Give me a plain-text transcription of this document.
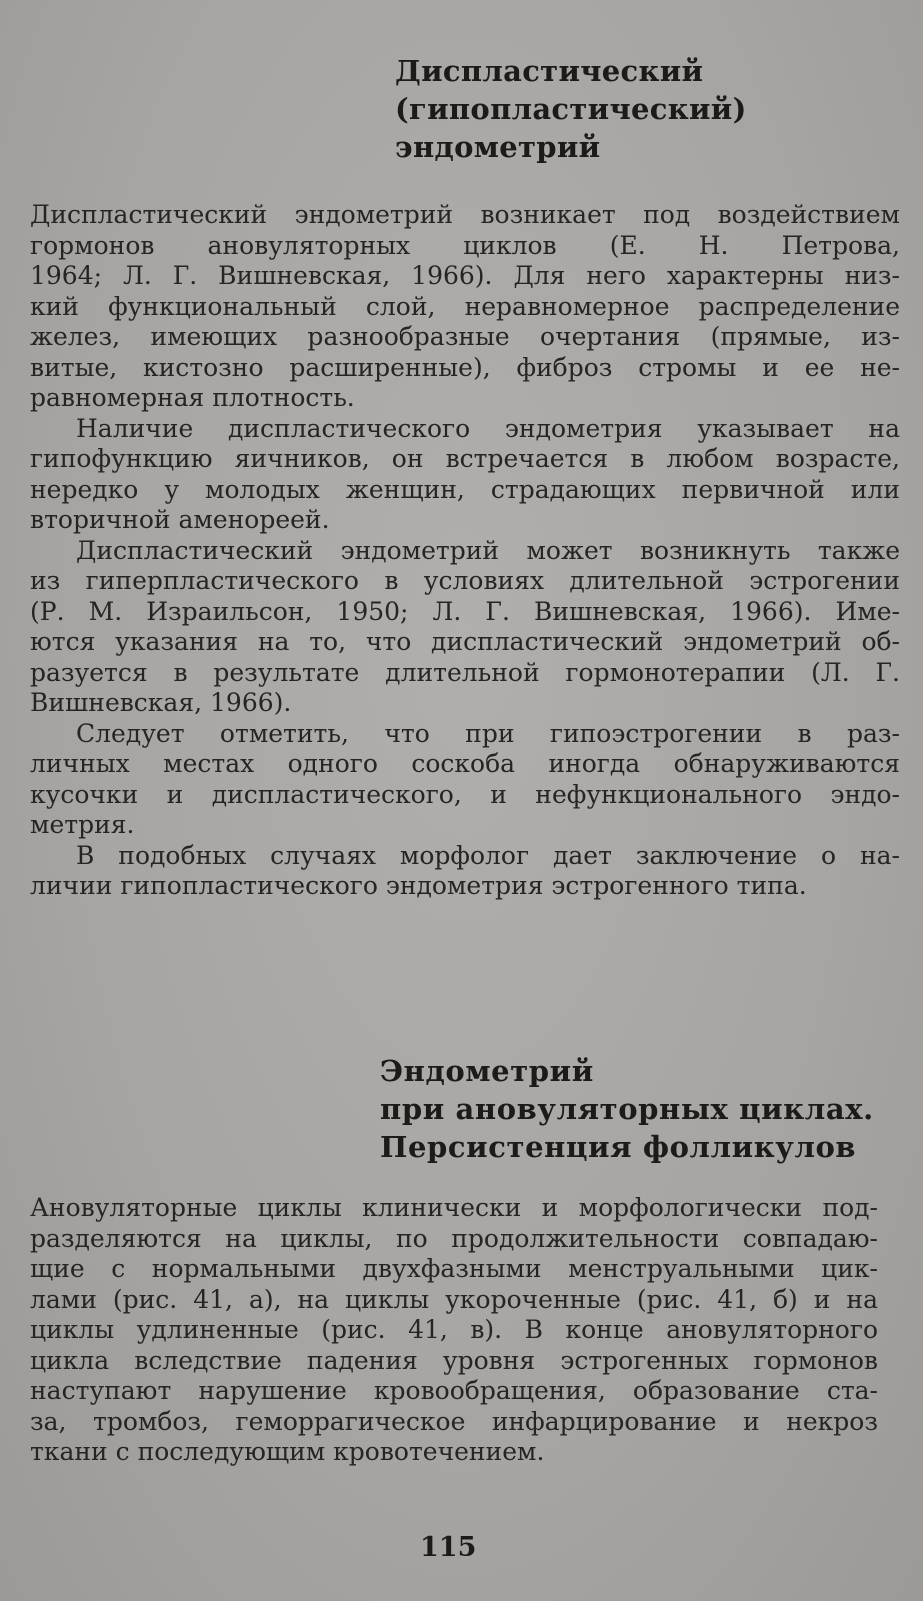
Диспластический
(гипопластический)
эндометрий
Диспластический эндометрий возникает под воздействием
гормонов ановуляторных циклов (Е. Н. Петрова,
1964; Л. Г. Вишневская, 1966). Для него характерны низ-
кий функциональный слой, неравномерное распределение
желез, имеющих разнообразные очертания (прямые, из-
витые, кистозно расширенные), фиброз стромы и ее не-
равномерная плотность.
Наличие диспластического эндометрия указывает на
гипофункцию яичников, он встречается в любом возрасте,
нередко у молодых женщин, страдающих первичной или
вторичной аменореей.
Диспластический эндометрий может возникнуть также
из гиперпластического в условиях длительной эстрогении
(Р. М. Израильсон, 1950; Л. Г. Вишневская, 1966). Име-
ются указания на то, что диспластический эндометрий об-
разуется в результате длительной гормонотерапии (Л. Г.
Вишневская, 1966).
Следует отметить, что при гипоэстрогении в раз-
личных местах одного соскоба иногда обнаруживаются
кусочки и диспластического, и нефункционального эндо-
метрия.
В подобных случаях морфолог дает заключение о на-
личии гипопластического эндометрия эстрогенного типа.
Эндометрий
при ановуляторных циклах.
Персистенция фолликулов
Ановуляторные циклы клинически и морфологически под-
разделяются на циклы, по продолжительности совпадаю-
щие с нормальными двухфазными менструальными цик-
лами (рис. 41, а), на циклы укороченные (рис. 41, б) и на
циклы удлиненные (рис. 41, в). В конце ановуляторного
цикла вследствие падения уровня эстрогенных гормонов
наступают нарушение кровообращения, образование ста-
за, тромбоз, геморрагическое инфарцирование и некроз
ткани с последующим кровотечением.
115
